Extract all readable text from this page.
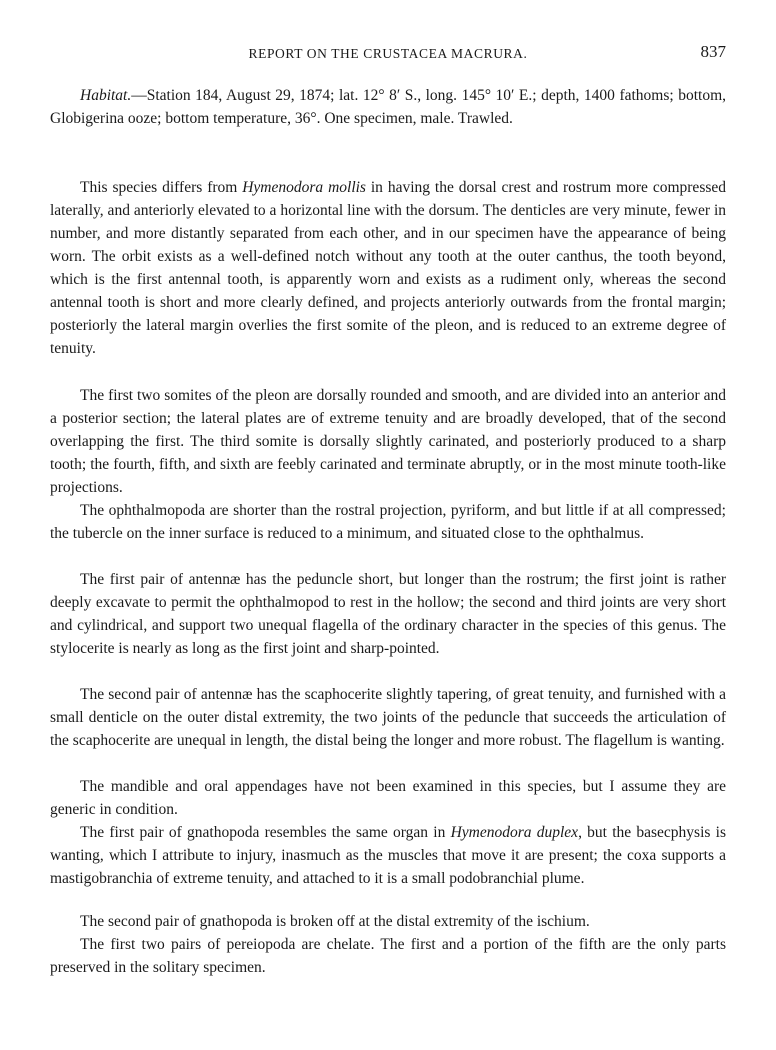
REPORT ON THE CRUSTACEA MACRURA.	837

Habitat.—Station 184, August 29, 1874; lat. 12° 8′ S., long. 145° 10′ E.; depth, 1400 fathoms; bottom, Globigerina ooze; bottom temperature, 36°. One specimen, male. Trawled.

This species differs from Hymenodora mollis in having the dorsal crest and rostrum more compressed laterally, and anteriorly elevated to a horizontal line with the dorsum. The denticles are very minute, fewer in number, and more distantly separated from each other, and in our specimen have the appearance of being worn. The orbit exists as a well-defined notch without any tooth at the outer canthus, the tooth beyond, which is the first antennal tooth, is apparently worn and exists as a rudiment only, whereas the second antennal tooth is short and more clearly defined, and projects anteriorly outwards from the frontal margin; posteriorly the lateral margin overlies the first somite of the pleon, and is reduced to an extreme degree of tenuity.

The first two somites of the pleon are dorsally rounded and smooth, and are divided into an anterior and a posterior section; the lateral plates are of extreme tenuity and are broadly developed, that of the second overlapping the first. The third somite is dorsally slightly carinated, and posteriorly produced to a sharp tooth; the fourth, fifth, and sixth are feebly carinated and terminate abruptly, or in the most minute tooth-like projections.

The ophthalmopoda are shorter than the rostral projection, pyriform, and but little if at all compressed; the tubercle on the inner surface is reduced to a minimum, and situated close to the ophthalmus.

The first pair of antennæ has the peduncle short, but longer than the rostrum; the first joint is rather deeply excavate to permit the ophthalmopod to rest in the hollow; the second and third joints are very short and cylindrical, and support two unequal flagella of the ordinary character in the species of this genus. The stylocerite is nearly as long as the first joint and sharp-pointed.

The second pair of antennæ has the scaphocerite slightly tapering, of great tenuity, and furnished with a small denticle on the outer distal extremity, the two joints of the peduncle that succeeds the articulation of the scaphocerite are unequal in length, the distal being the longer and more robust. The flagellum is wanting.

The mandible and oral appendages have not been examined in this species, but I assume they are generic in condition.

The first pair of gnathopoda resembles the same organ in Hymenodora duplex, but the basecphysis is wanting, which I attribute to injury, inasmuch as the muscles that move it are present; the coxa supports a mastigobranchia of extreme tenuity, and attached to it is a small podobranchial plume.

The second pair of gnathopoda is broken off at the distal extremity of the ischium.

The first two pairs of pereiopoda are chelate. The first and a portion of the fifth are the only parts preserved in the solitary specimen.
